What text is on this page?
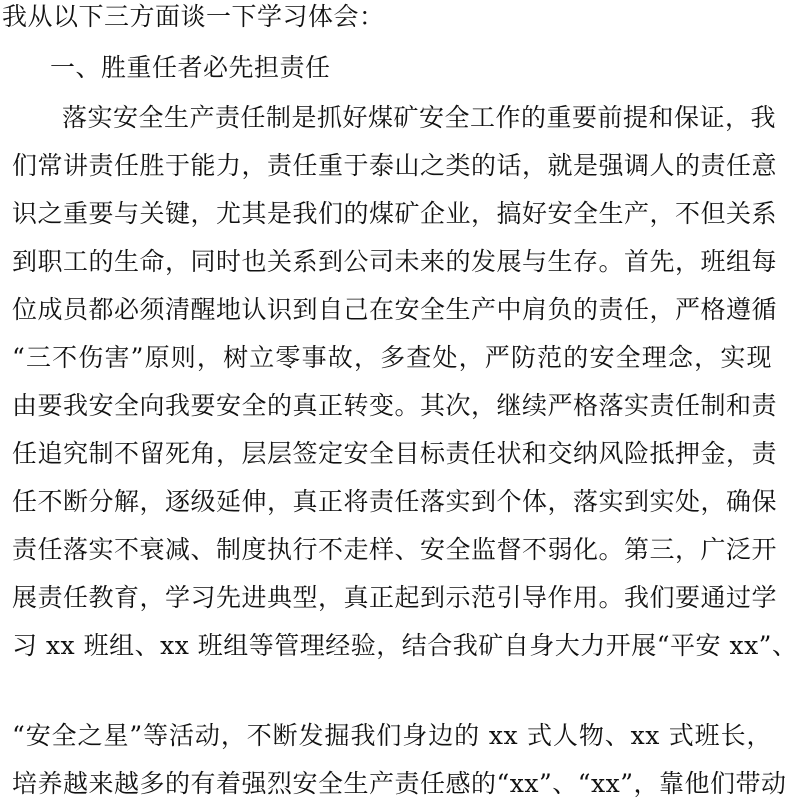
我从以下三方面谈一下学习体会：
一、胜重任者必先担责任
落实安全生产责任制是抓好煤矿安全工作的重要前提和保证，我
们常讲责任胜于能力，责任重于泰山之类的话，就是强调人的责任意
识之重要与关键，尤其是我们的煤矿企业，搞好安全生产，不但关系
到职工的生命，同时也关系到公司未来的发展与生存。首先，班组每
位成员都必须清醒地认识到自己在安全生产中肩负的责任，严格遵循
“三不伤害”原则，树立零事故，多查处，严防范的安全理念，实现
由要我安全向我要安全的真正转变。其次，继续严格落实责任制和责
任追究制不留死角，层层签定安全目标责任状和交纳风险抵押金，责
任不断分解，逐级延伸，真正将责任落实到个体，落实到实处，确保
责任落实不衰减、制度执行不走样、安全监督不弱化。第三，广泛开
展责任教育，学习先进典型，真正起到示范引导作用。我们要通过学
习 xx 班组、xx 班组等管理经验，结合我矿自身大力开展“平安 xx”、
“安全之星”等活动，不断发掘我们身边的 xx 式人物、xx 式班长，
培养越来越多的有着强烈安全生产责任感的“xx”、“xx”，靠他们带动
